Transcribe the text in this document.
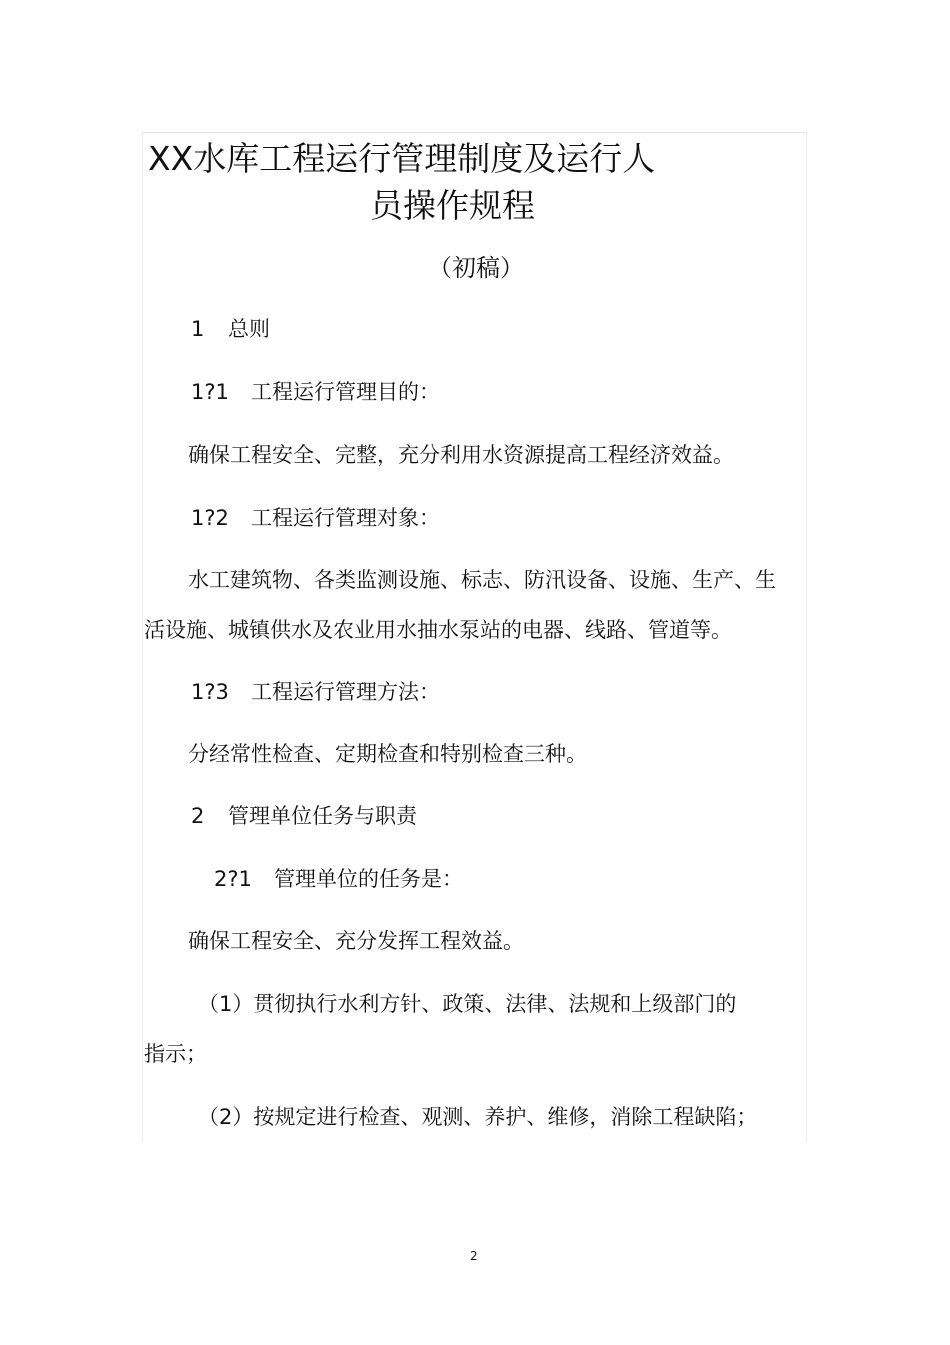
XX水库工程运行管理制度及运行人
员操作规程
（初稿）
1 总则
1?1 工程运行管理目的：
确保工程安全、完整，充分利用水资源提高工程经济效益。
1?2 工程运行管理对象：
水工建筑物、各类监测设施、标志、防汛设备、设施、生产、生
活设施、城镇供水及农业用水抽水泵站的电器、线路、管道等。
1?3 工程运行管理方法：
分经常性检查、定期检查和特别检查三种。
2 管理单位任务与职责
2?1 管理单位的任务是：
确保工程安全、充分发挥工程效益。
（1）贯彻执行水利方针、政策、法律、法规和上级部门的
指示；
（2）按规定进行检查、观测、养护、维修，消除工程缺陷；
2
